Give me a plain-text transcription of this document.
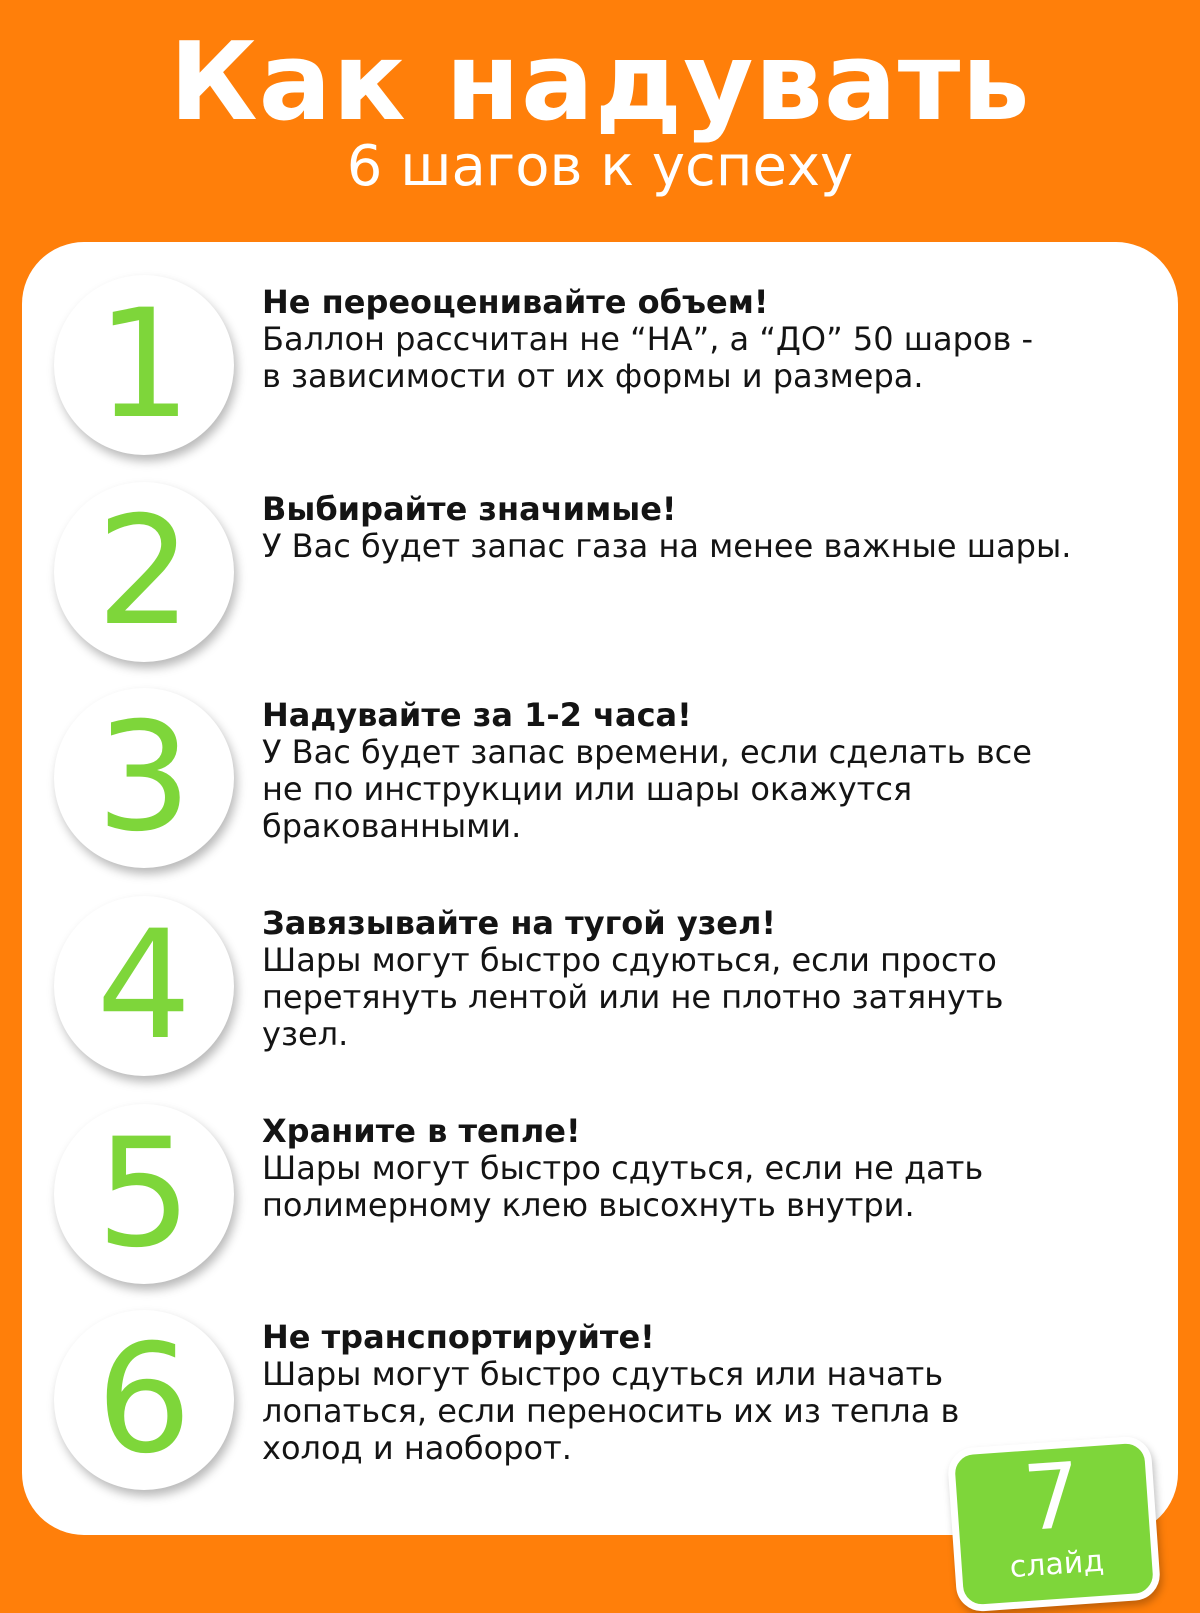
Как надувать
6 шагов к успеху
1	Не переоценивайте объем!
Баллон рассчитан не “НА”, а “ДО” 50 шаров -
в зависимости от их формы и размера.
2	Выбирайте значимые!
У Вас будет запас газа на менее важные шары.
3	Надувайте за 1-2 часа!
У Вас будет запас времени, если сделать все
не по инструкции или шары окажутся
бракованными.
4	Завязывайте на тугой узел!
Шары могут быстро сдуються, если просто
перетянуть лентой или не плотно затянуть
узел.
5	Храните в тепле!
Шары могут быстро сдуться, если не дать
полимерному клею высохнуть внутри.
6	Не транспортируйте!
Шары могут быстро сдуться или начать
лопаться, если переносить их из тепла в
холод и наоборот.	7
слайд
